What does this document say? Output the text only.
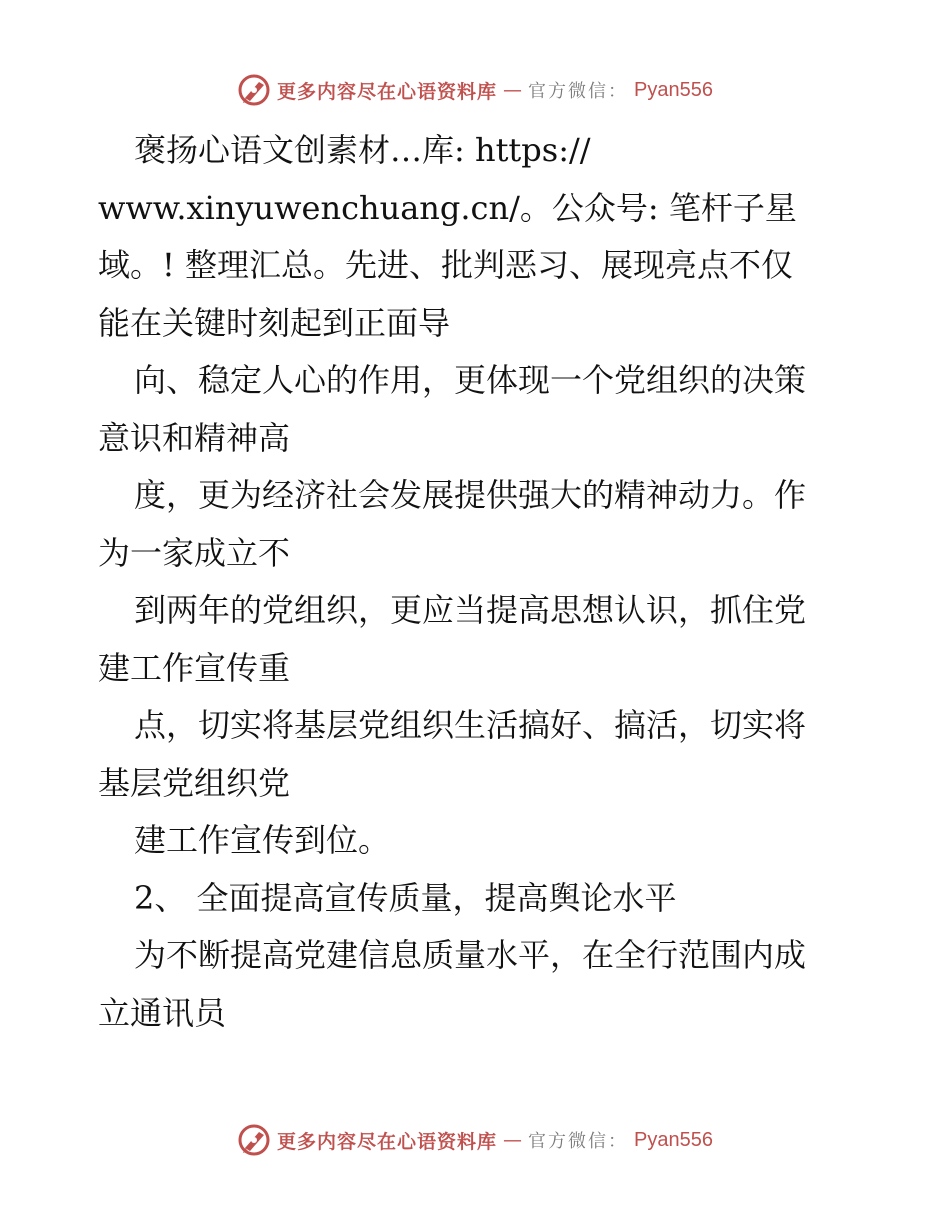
更多内容尽在心语资料库 — 官方微信： Pyan556
褒扬心语文创素材…库: https://
www.xinyuwenchuang.cn/。公众号: 笔杆子星
域。! 整理汇总。先进、批判恶习、展现亮点不仅
能在关键时刻起到正面导
向、稳定人心的作用，更体现一个党组织的决策
意识和精神高
度，更为经济社会发展提供强大的精神动力。作
为一家成立不
到两年的党组织，更应当提高思想认识，抓住党
建工作宣传重
点，切实将基层党组织生活搞好、搞活，切实将
基层党组织党
建工作宣传到位。
2、 全面提高宣传质量，提高舆论水平
为不断提高党建信息质量水平，在全行范围内成
立通讯员
更多内容尽在心语资料库 — 官方微信： Pyan556
